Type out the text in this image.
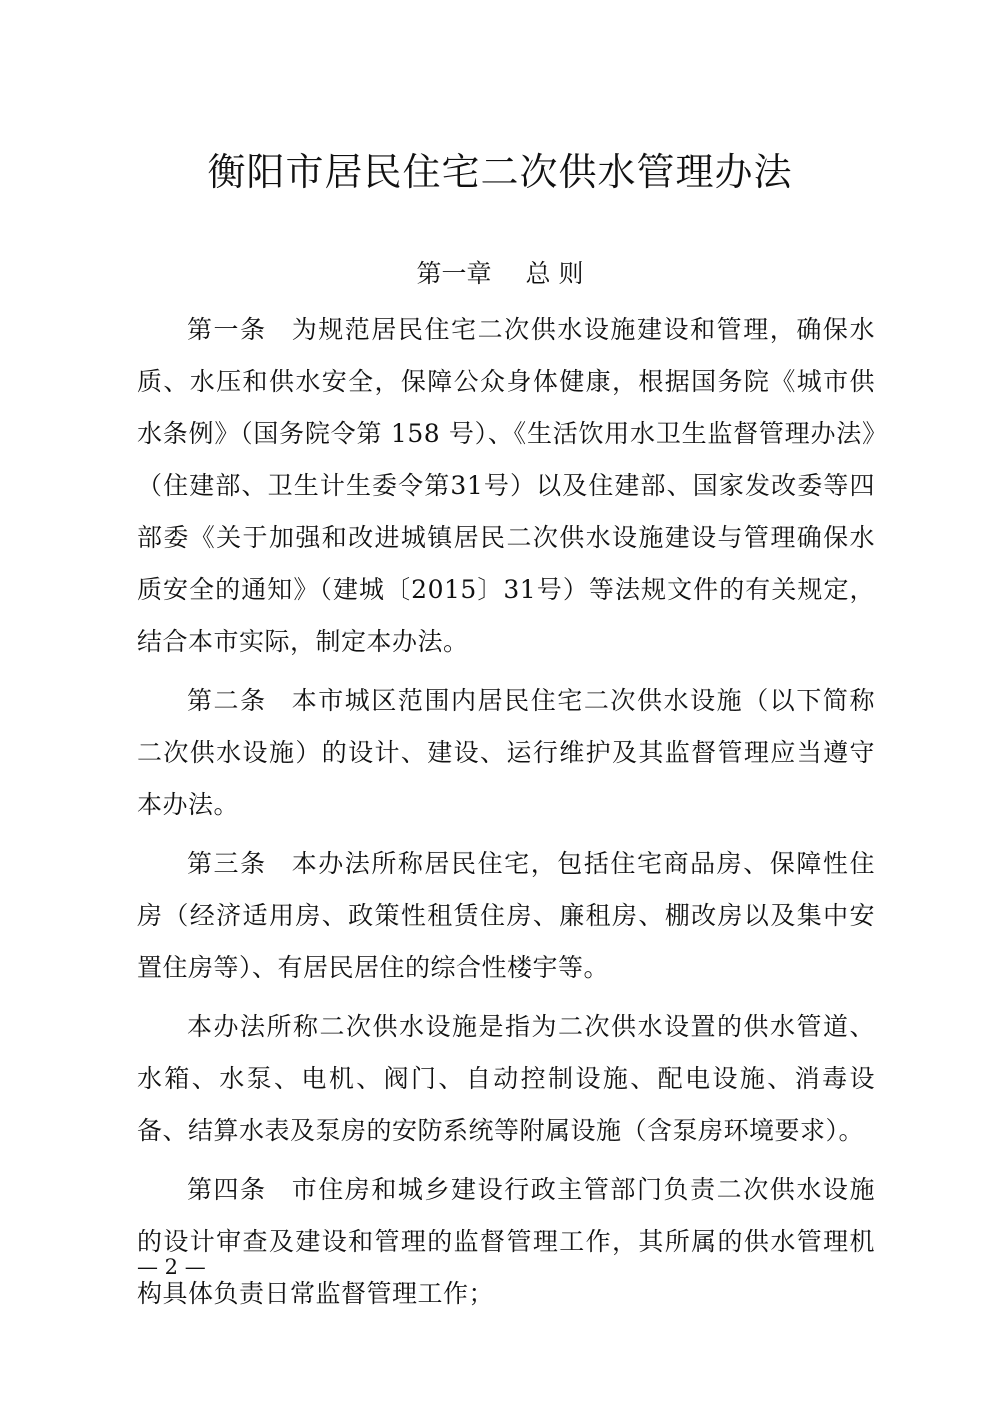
衡阳市居民住宅二次供水管理办法
第一章 总 则

第一条 为规范居民住宅二次供水设施建设和管理，确保水质、水压和供水安全，保障公众身体健康，根据国务院《城市供水条例》（国务院令第 158 号）、《生活饮用水卫生监督管理办法》（住建部、卫生计生委令第31号）以及住建部、国家发改委等四部委《关于加强和改进城镇居民二次供水设施建设与管理确保水质安全的通知》（建城〔2015〕31号）等法规文件的有关规定，结合本市实际，制定本办法。

第二条 本市城区范围内居民住宅二次供水设施（以下简称二次供水设施）的设计、建设、运行维护及其监督管理应当遵守本办法。

第三条 本办法所称居民住宅，包括住宅商品房、保障性住房（经济适用房、政策性租赁住房、廉租房、棚改房以及集中安置住房等）、有居民居住的综合性楼宇等。

本办法所称二次供水设施是指为二次供水设置的供水管道、水箱、水泵、电机、阀门、自动控制设施、配电设施、消毒设备、结算水表及泵房的安防系统等附属设施（含泵房环境要求）。

第四条 市住房和城乡建设行政主管部门负责二次供水设施的设计审查及建设和管理的监督管理工作，其所属的供水管理机构具体负责日常监督管理工作；

— 2 —
